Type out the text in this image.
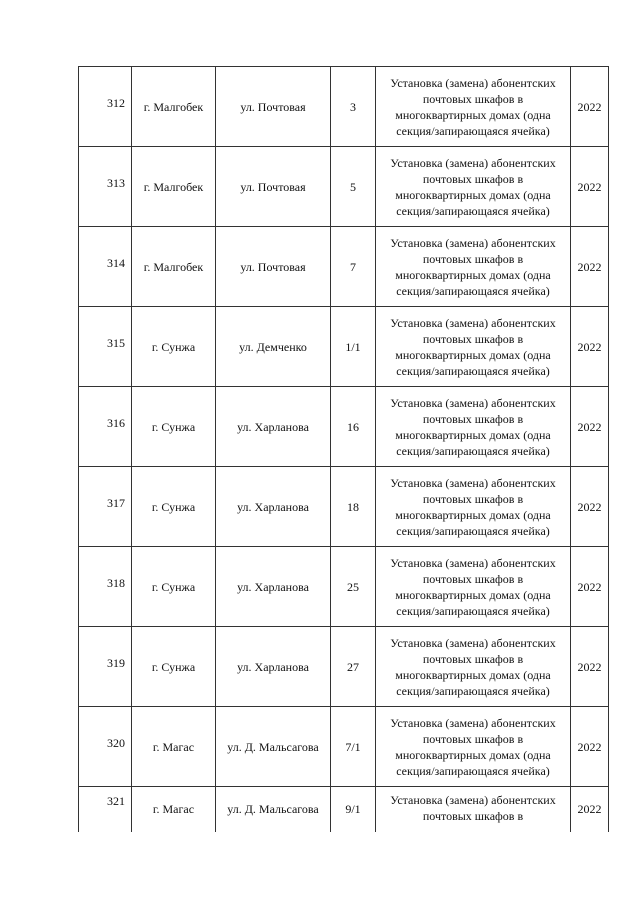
312	г. Малгобек	ул. Почтовая	3	Установка (замена) абонентских почтовых шкафов в многоквартирных домах (одна секция/запирающаяся ячейка)	2022
313	г. Малгобек	ул. Почтовая	5	Установка (замена) абонентских почтовых шкафов в многоквартирных домах (одна секция/запирающаяся ячейка)	2022
314	г. Малгобек	ул. Почтовая	7	Установка (замена) абонентских почтовых шкафов в многоквартирных домах (одна секция/запирающаяся ячейка)	2022
315	г. Сунжа	ул. Демченко	1/1	Установка (замена) абонентских почтовых шкафов в многоквартирных домах (одна секция/запирающаяся ячейка)	2022
316	г. Сунжа	ул. Харланова	16	Установка (замена) абонентских почтовых шкафов в многоквартирных домах (одна секция/запирающаяся ячейка)	2022
317	г. Сунжа	ул. Харланова	18	Установка (замена) абонентских почтовых шкафов в многоквартирных домах (одна секция/запирающаяся ячейка)	2022
318	г. Сунжа	ул. Харланова	25	Установка (замена) абонентских почтовых шкафов в многоквартирных домах (одна секция/запирающаяся ячейка)	2022
319	г. Сунжа	ул. Харланова	27	Установка (замена) абонентских почтовых шкафов в многоквартирных домах (одна секция/запирающаяся ячейка)	2022
320	г. Магас	ул. Д. Мальсагова	7/1	Установка (замена) абонентских почтовых шкафов в многоквартирных домах (одна секция/запирающаяся ячейка)	2022
321	г. Магас	ул. Д. Мальсагова	9/1	Установка (замена) абонентских почтовых шкафов в	2022
